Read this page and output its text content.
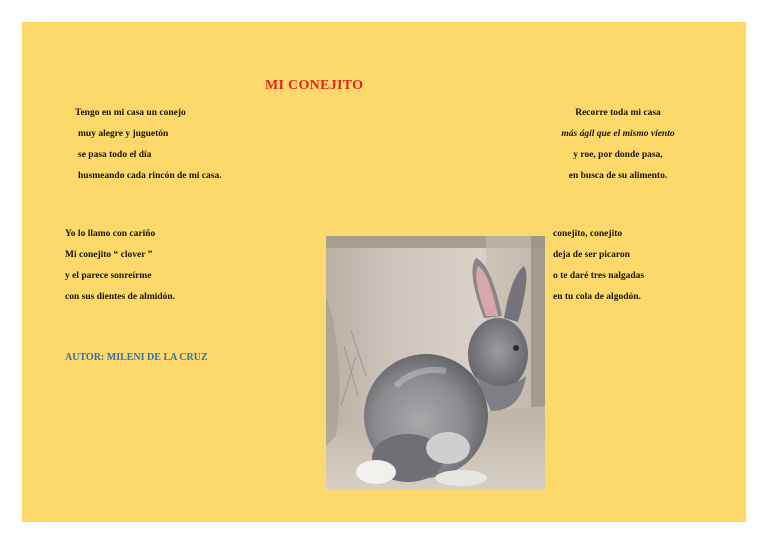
MI CONEJITO
Tengo en mi casa un conejo
muy alegre y juguetón
se pasa todo el día
husmeando cada rincón de mi casa.
Recorre toda mi casa
más ágil que el mismo viento
y roe, por donde pasa,
en busca de su alimento.
Yo lo llamo con cariño
Mi conejito “ clover ”
y el parece sonreírme
con sus dientes de almidón.
conejito, conejito
deja de ser picaron
o te daré tres nalgadas
en tu cola de algodón.
AUTOR: MILENI DE LA CRUZ
